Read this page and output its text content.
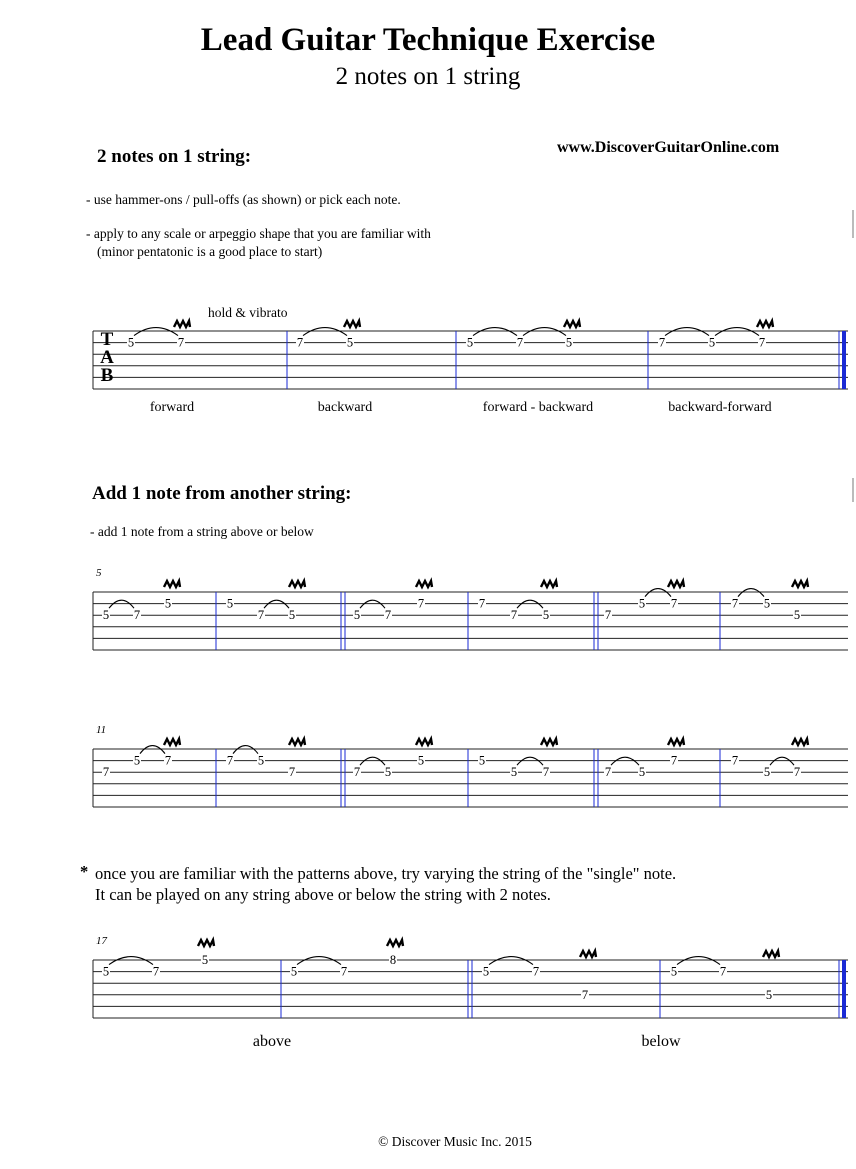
Lead Guitar Technique Exercise
2 notes on 1 string
2 notes on 1 string:	www.DiscoverGuitarOnline.com
- use hammer-ons / pull-offs (as shown) or pick each note.
- apply to any scale or arpeggio shape that you are familiar with
(minor pentatonic is a good place to start)
hold & vibrato
forward	backward	forward - backward	backward-forward
Add 1 note from another string:
- add 1 note from a string above or below
* once you are familiar with the patterns above, try varying the string of the "single" note.
It can be played on any string above or below the string with 2 notes.
above	below
© Discover Music Inc. 2015
T
A
B
5	7	7	5	5	7	5	7	5	7
5
5 7
5	5
7 5	5 7
7	7
7 5	7
5 7	7 5
5
11
7
5 7	7 5
7	7 5
5	5
5 7	7 5
7	7
5 7
17
5	7
5
5	7
8
5	7
7
5	7
5
